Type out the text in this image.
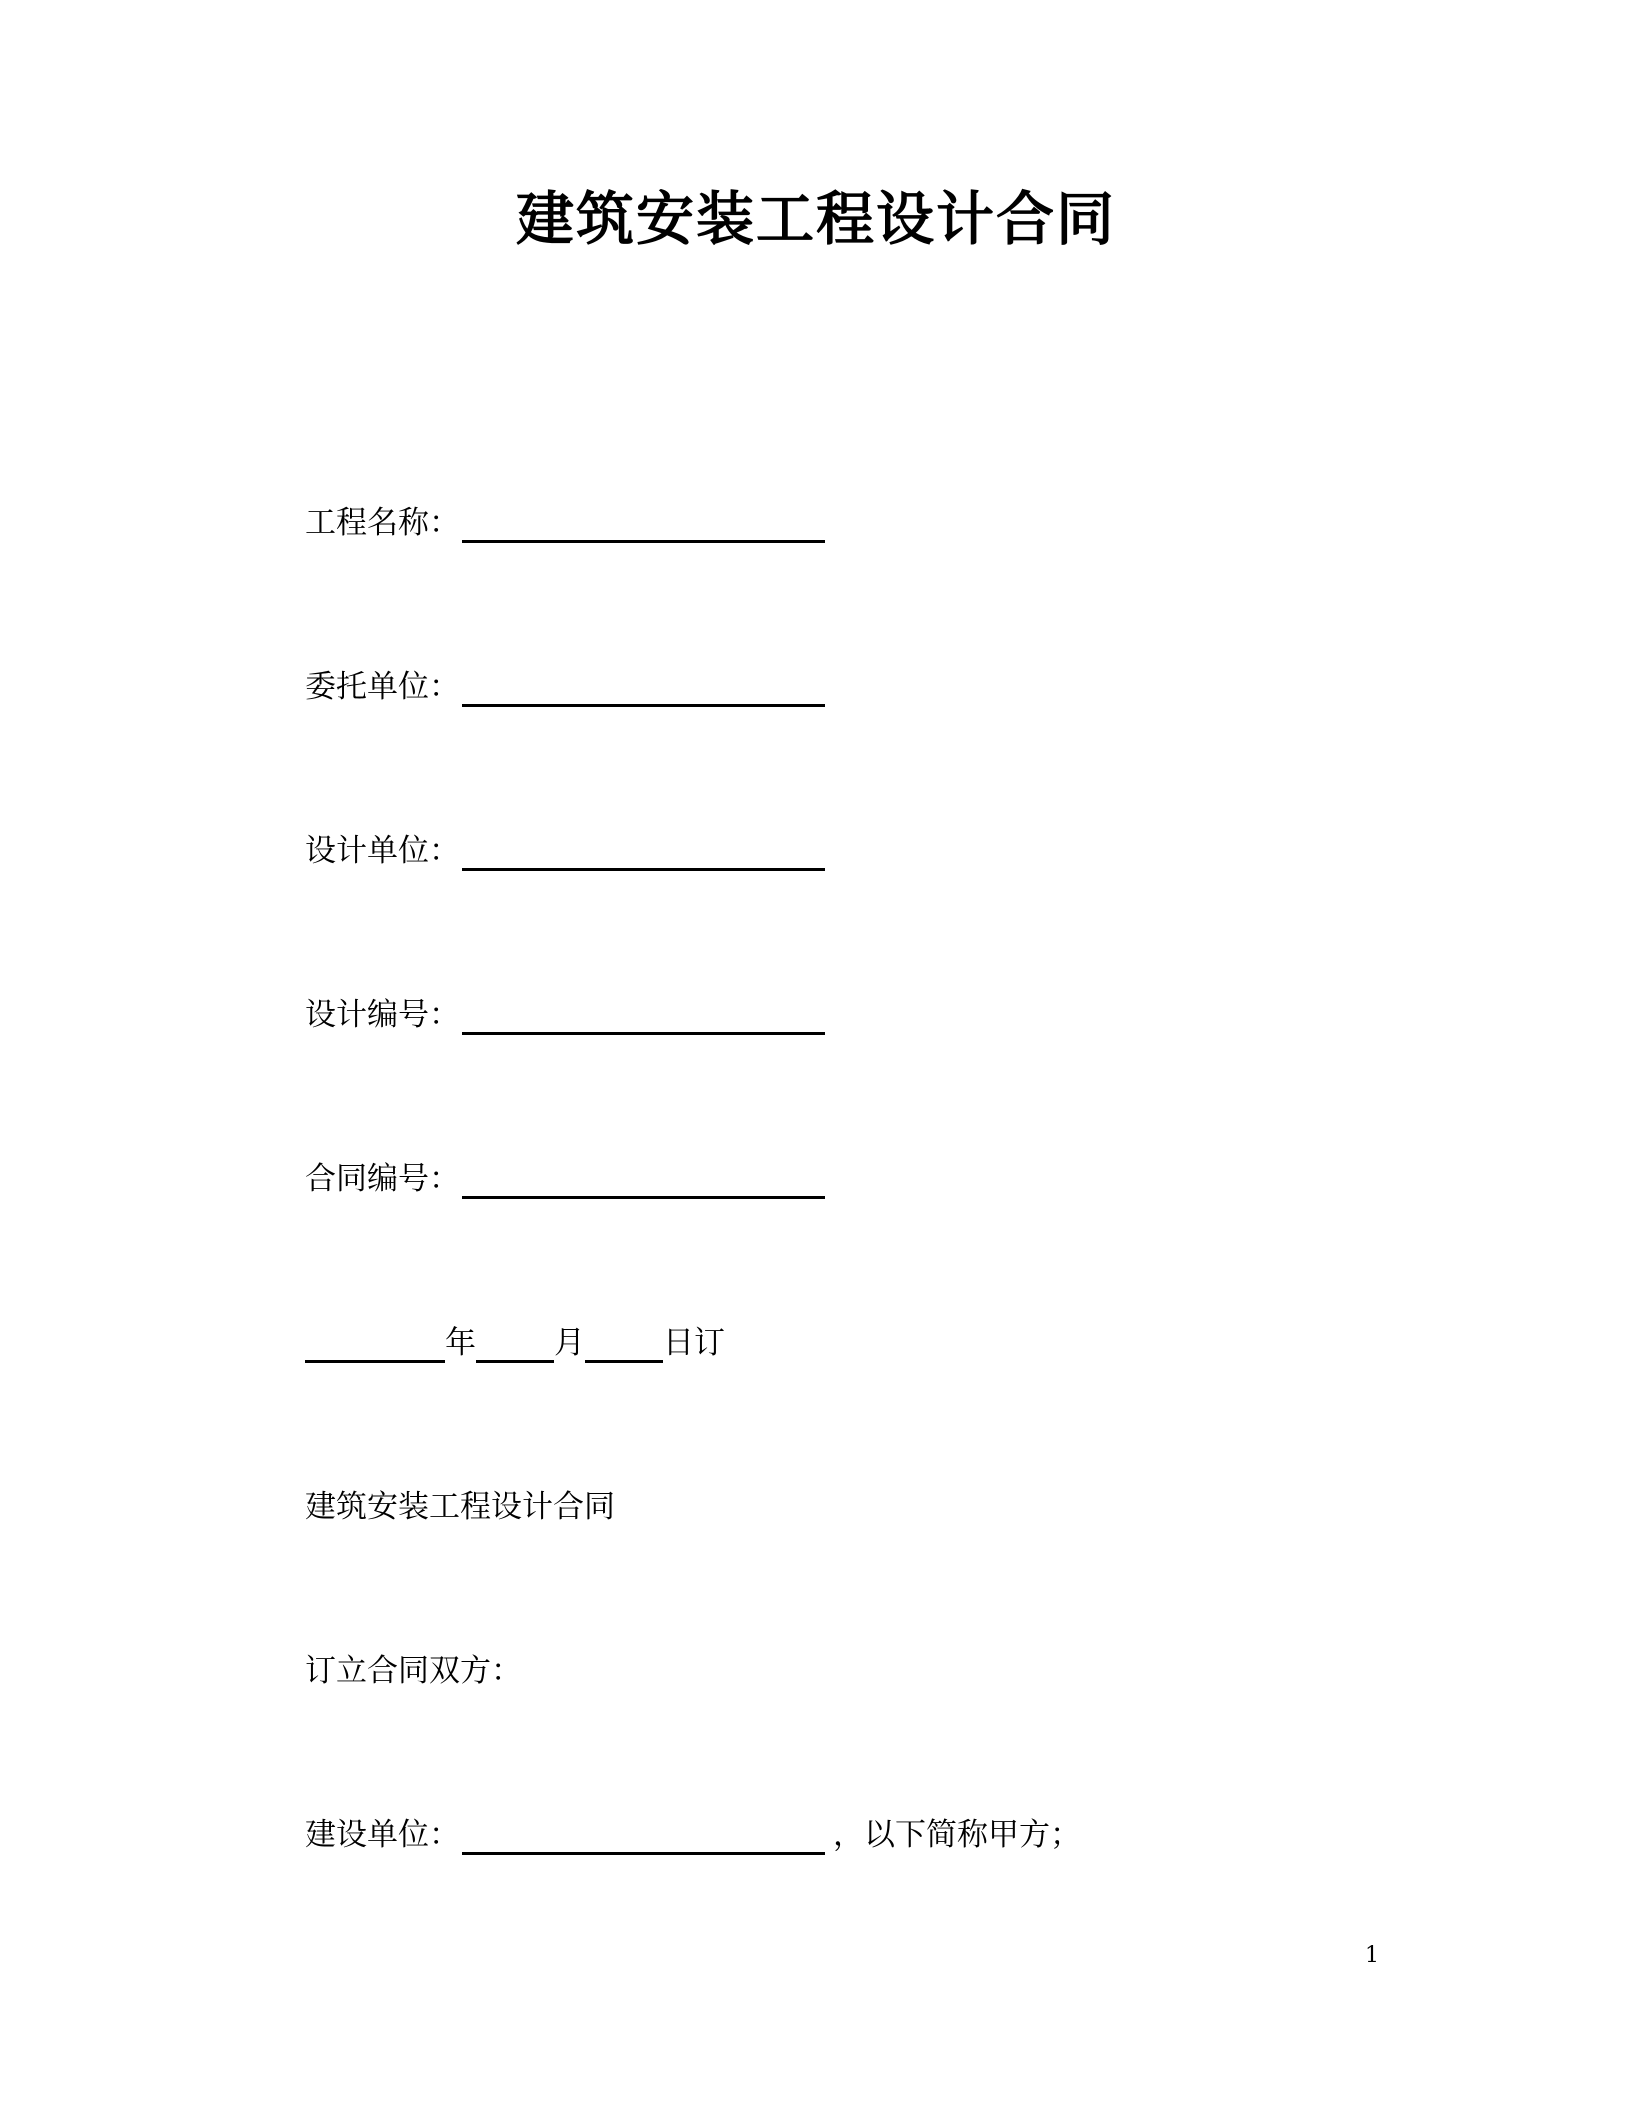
建筑安装工程设计合同
工程名称：
委托单位：
设计单位：
设计编号：
合同编号：
年	月	日订
建筑安装工程设计合同
订立合同双方：
建设单位：	，以下简称甲方；
1
